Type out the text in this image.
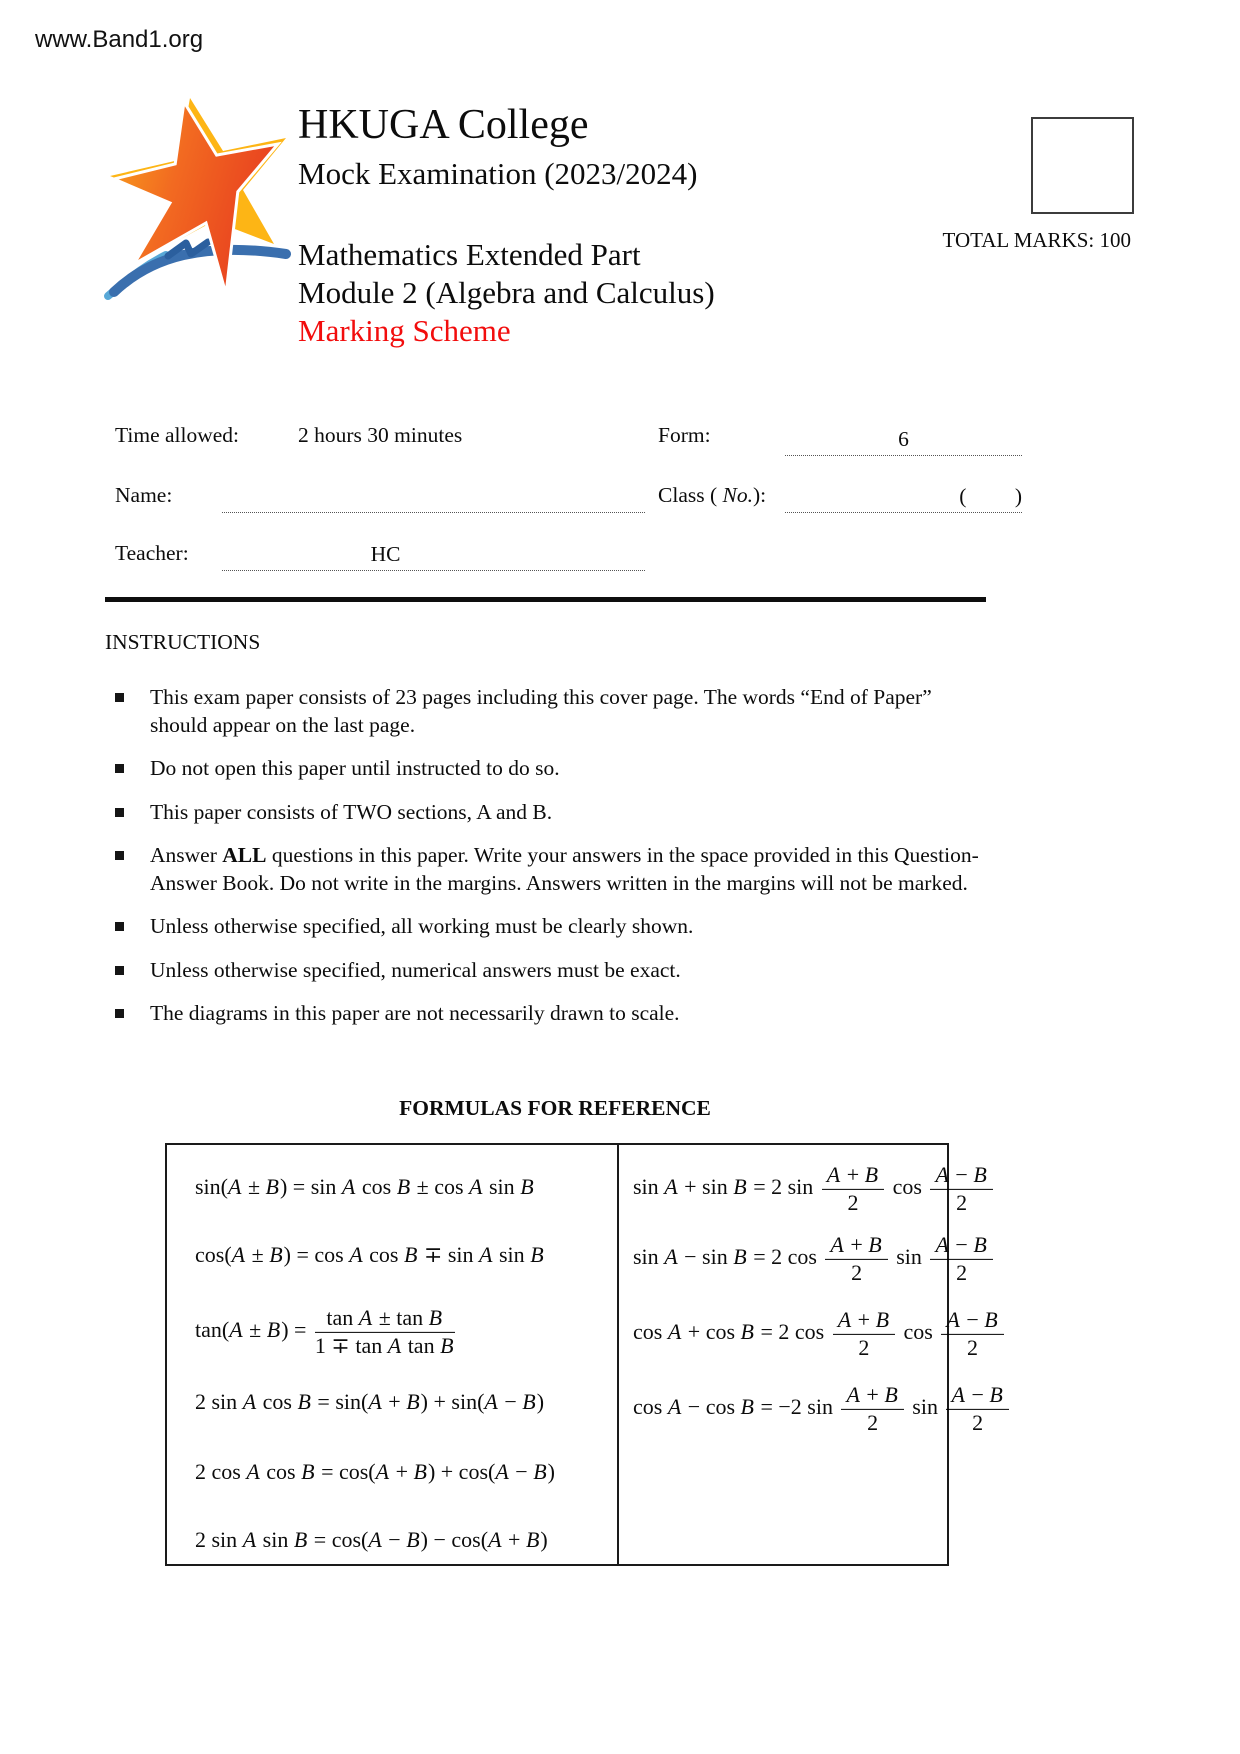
www.Band1.org
HKUGA College
Mock Examination (2023/2024)
Mathematics Extended Part
Module 2 (Algebra and Calculus)
Marking Scheme
TOTAL MARKS: 100
Time allowed:	2 hours 30 minutes	Form:	6
Name:	Class ( No.):	(         )
Teacher:	HC
INSTRUCTIONS
This exam paper consists of 23 pages including this cover page. The words “End of Paper” should appear on the last page.
Do not open this paper until instructed to do so.
This paper consists of TWO sections, A and B.
Answer ALL questions in this paper. Write your answers in the space provided in this Question-Answer Book. Do not write in the margins. Answers written in the margins will not be marked.
Unless otherwise specified, all working must be clearly shown.
Unless otherwise specified, numerical answers must be exact.
The diagrams in this paper are not necessarily drawn to scale.
FORMULAS FOR REFERENCE
sin(A ± B) = sin A cos B ± cos A sin B
cos(A ± B) = cos A cos B ∓ sin A sin B
$\tan(A \pm B) = \frac{\text{tan A ± tan B}}{\text{1 ∓ tan A tan B}}$
2 sin A cos B = sin(A + B) + sin(A − B)
2 cos A cos B = cos(A + B) + cos(A − B)
2 sin A sin B = cos(A − B) − cos(A + B)
sin A + sin B = 2 $\sin \frac{A + B}{2}$ $\cos \frac{A - B}{2}$
sin A − sin B = 2 $\cos \frac{A + B}{2}$ $\sin \frac{A - B}{2}$
cos A + cos B = 2 $\cos \frac{A + B}{2}$ $\cos \frac{A - B}{2}$
cos A − cos B = −2 $\sin \frac{A + B}{2}$ $\sin \frac{A - B}{2}$
